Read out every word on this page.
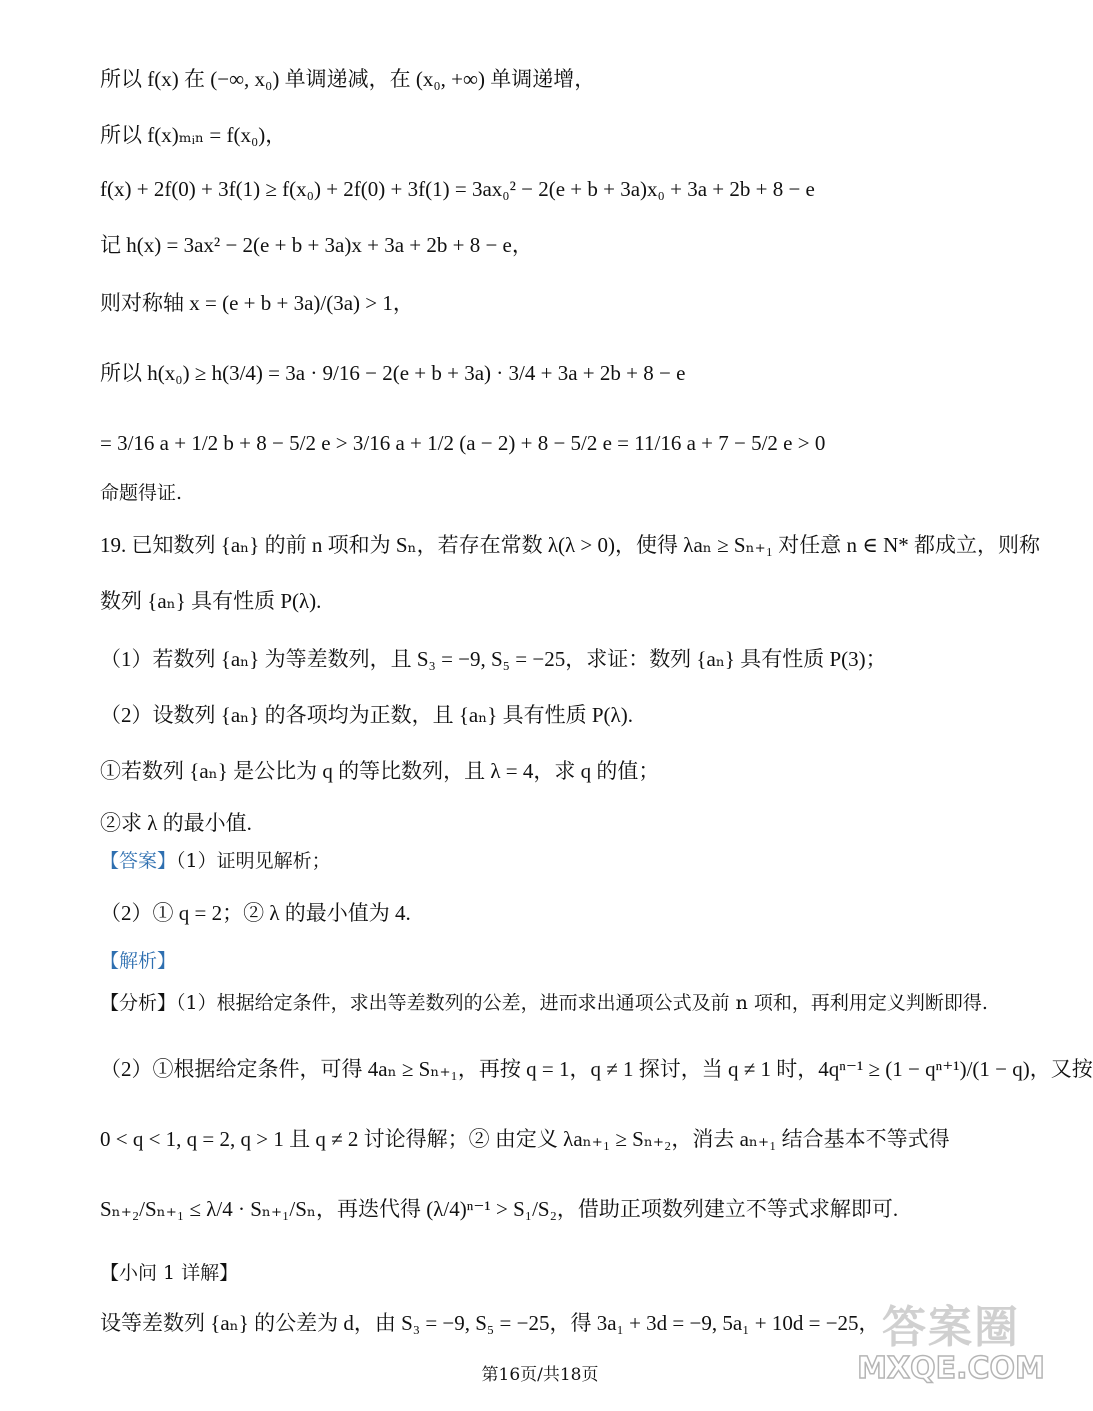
所以 f(x) 在 (−∞, x₀) 单调递减，在 (x₀, +∞) 单调递增，
所以 f(x)ₘᵢₙ = f(x₀)，
f(x) + 2f(0) + 3f(1) ≥ f(x₀) + 2f(0) + 3f(1) = 3ax₀² − 2(e + b + 3a)x₀ + 3a + 2b + 8 − e
记 h(x) = 3ax² − 2(e + b + 3a)x + 3a + 2b + 8 − e，
则对称轴 x = (e + b + 3a)/(3a) > 1，
所以 h(x₀) ≥ h(3/4) = 3a · 9/16 − 2(e + b + 3a) · 3/4 + 3a + 2b + 8 − e
= 3/16 a + 1/2 b + 8 − 5/2 e > 3/16 a + 1/2 (a − 2) + 8 − 5/2 e = 11/16 a + 7 − 5/2 e > 0
命题得证.
19. 已知数列 {aₙ} 的前 n 项和为 Sₙ，若存在常数 λ(λ > 0)，使得 λaₙ ≥ Sₙ₊₁ 对任意 n ∈ N* 都成立，则称
数列 {aₙ} 具有性质 P(λ).
（1）若数列 {aₙ} 为等差数列，且 S₃ = −9, S₅ = −25，求证：数列 {aₙ} 具有性质 P(3)；
（2）设数列 {aₙ} 的各项均为正数，且 {aₙ} 具有性质 P(λ).
①若数列 {aₙ} 是公比为 q 的等比数列，且 λ = 4，求 q 的值；
②求 λ 的最小值.
【答案】（1）证明见解析；
（2）① q = 2；② λ 的最小值为 4.
【解析】
【分析】（1）根据给定条件，求出等差数列的公差，进而求出通项公式及前 n 项和，再利用定义判断即得.
（2）①根据给定条件，可得 4aₙ ≥ Sₙ₊₁，再按 q = 1，q ≠ 1 探讨，当 q ≠ 1 时，4qⁿ⁻¹ ≥ (1 − qⁿ⁺¹)/(1 − q)，又按
0 < q < 1, q = 2, q > 1 且 q ≠ 2 讨论得解；② 由定义 λaₙ₊₁ ≥ Sₙ₊₂，消去 aₙ₊₁ 结合基本不等式得
Sₙ₊₂/Sₙ₊₁ ≤ λ/4 · Sₙ₊₁/Sₙ，再迭代得 (λ/4)ⁿ⁻¹ > S₁/S₂，借助正项数列建立不等式求解即可.
【小问 1 详解】
设等差数列 {aₙ} 的公差为 d，由 S₃ = −9, S₅ = −25，得 3a₁ + 3d = −9, 5a₁ + 10d = −25，
第16页/共18页
答案圈
MXQE.COM
